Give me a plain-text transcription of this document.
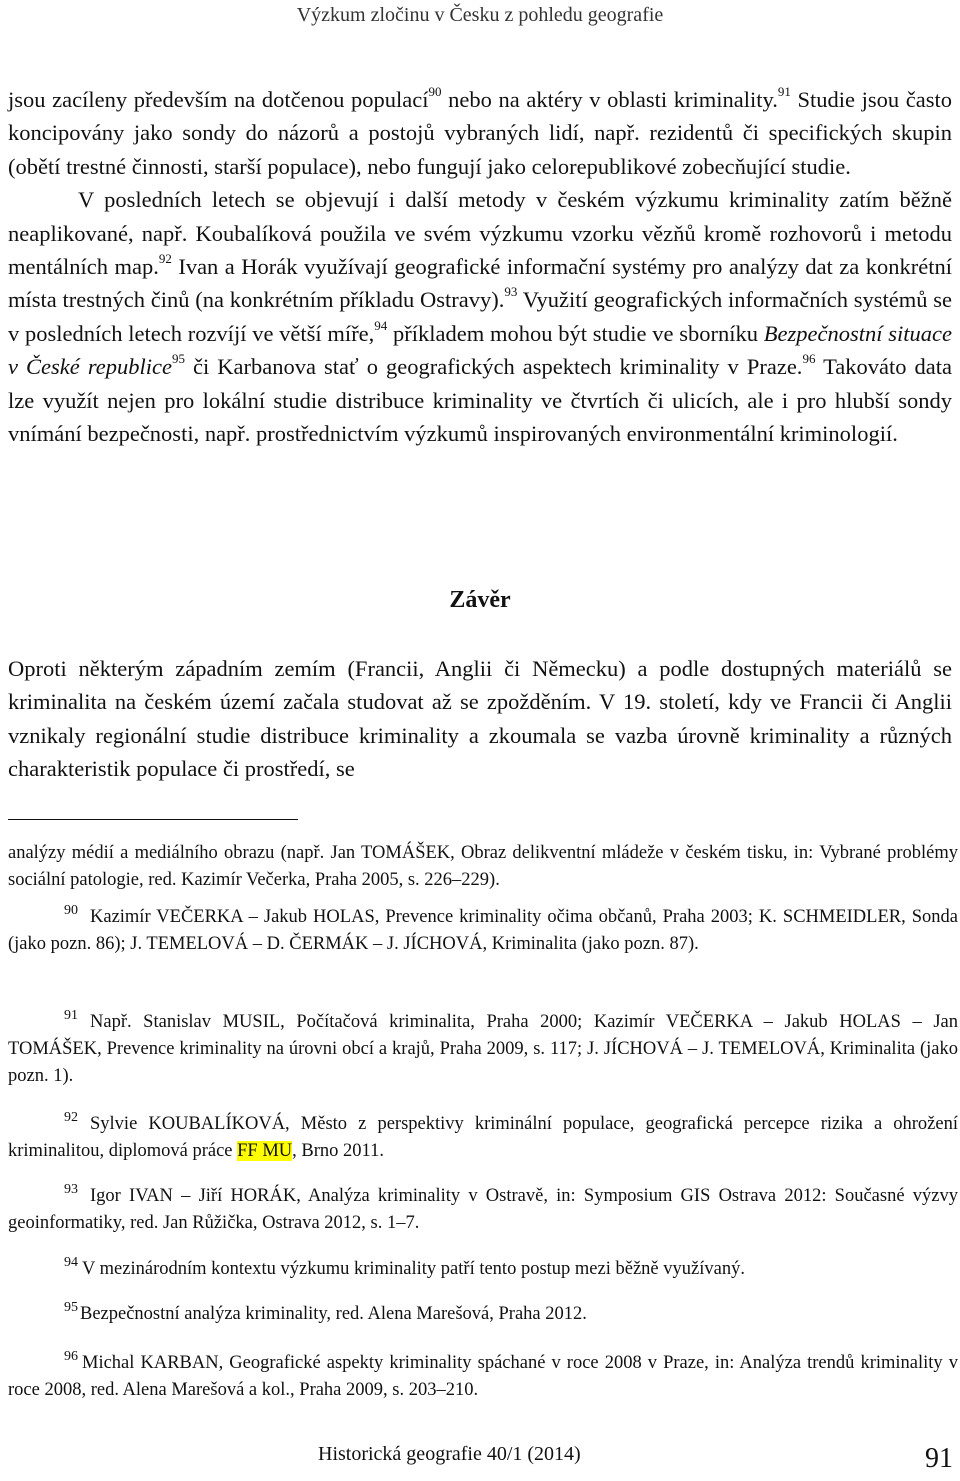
Výzkum zločinu v Česku z pohledu geografie

jsou zacíleny především na dotčenou populací$^{90}$ nebo na aktéry v oblasti kriminality.$^{91}$ Studie jsou často koncipovány jako sondy do názorů a postojů vybraných lidí, např. rezidentů či specifických skupin (obětí trestné činnosti, starší populace), nebo fungují jako celorepublikové zobecňující studie.

V posledních letech se objevují i další metody v českém výzkumu kriminality zatím běžně neaplikované, např. Koubalíková použila ve svém výzkumu vzorku vězňů kromě rozhovorů i metodu mentálních map.$^{92}$ Ivan a Horák využívají geografické informační systémy pro analýzy dat za konkrétní místa trestných činů (na konkrétním příkladu Ostravy).$^{93}$ Využití geografických informačních systémů se v posledních letech rozvíjí ve větší míře,$^{94}$ příkladem mohou být studie ve sborníku Bezpečnostní situace v České republice$^{95}$ či Karbanova stať o geografických aspektech kriminality v Praze.$^{96}$ Takováto data lze využít nejen pro lokální studie distribuce kriminality ve čtvrtích či ulicích, ale i pro hlubší sondy vnímání bezpečnosti, např. prostřednictvím výzkumů inspirovaných environmentální kriminologií.

Závěr

Oproti některým západním zemím (Francii, Anglii či Německu) a podle dostupných materiálů se kriminalita na českém území začala studovat až se zpožděním. V 19. století, kdy ve Francii či Anglii vznikaly regionální studie distribuce kriminality a zkoumala se vazba úrovně kriminality a různých charakteristik populace či prostředí, se

analýzy médií a mediálního obrazu (např. Jan TOMÁŠEK, Obraz delikventní mládeže v českém tisku, in: Vybrané problémy sociální patologie, red. Kazimír Večerka, Praha 2005, s. 226–229).
$^{90}$ Kazimír VEČERKA – Jakub HOLAS, Prevence kriminality očima občanů, Praha 2003; K. SCHMEIDLER, Sonda (jako pozn. 86); J. TEMELOVÁ – D. ČERMÁK – J. JÍCHOVÁ, Kriminalita (jako pozn. 87).
$^{91}$ Např. Stanislav MUSIL, Počítačová kriminalita, Praha 2000; Kazimír VEČERKA – Jakub HOLAS – Jan TOMÁŠEK, Prevence kriminality na úrovni obcí a krajů, Praha 2009, s. 117; J. JÍCHOVÁ – J. TEMELOVÁ, Kriminalita (jako pozn. 1).
$^{92}$ Sylvie KOUBALÍKOVÁ, Město z perspektivy kriminální populace, geografická percepce rizika a ohrožení kriminalitou, diplomová práce FF MU, Brno 2011.
$^{93}$ Igor IVAN – Jiří HORÁK, Analýza kriminality v Ostravě, in: Symposium GIS Ostrava 2012: Současné výzvy geoinformatiky, red. Jan Růžička, Ostrava 2012, s. 1–7.
$^{94}$ V mezinárodním kontextu výzkumu kriminality patří tento postup mezi běžně využívaný.
$^{95}$ Bezpečnostní analýza kriminality, red. Alena Marešová, Praha 2012.
$^{96}$ Michal KARBAN, Geografické aspekty kriminality spáchané v roce 2008 v Praze, in: Analýza trendů kriminality v roce 2008, red. Alena Marešová a kol., Praha 2009, s. 203–210.
Historická geografie 40/1 (2014)	91
